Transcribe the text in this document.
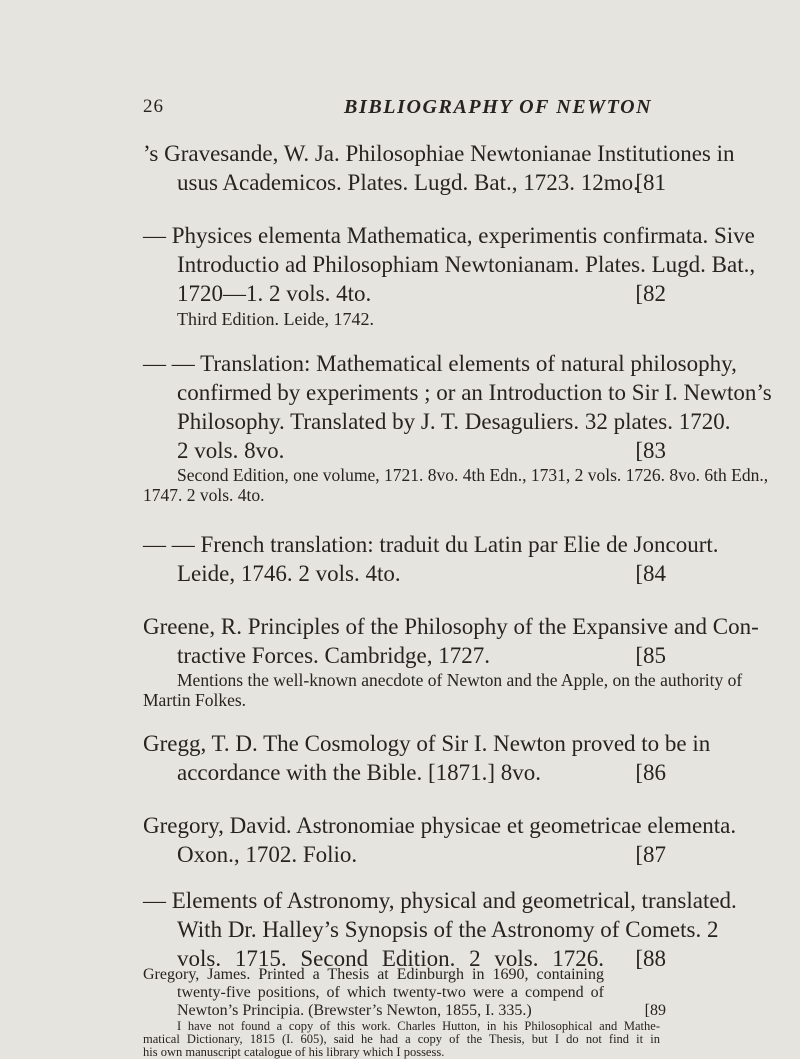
26	BIBLIOGRAPHY OF NEWTON
’s Gravesande, W. Ja. Philosophiae Newtonianae Institutiones in
usus Academicos. Plates. Lugd. Bat., 1723. 12mo.
[81
— Physices elementa Mathematica, experimentis confirmata. Sive
Introductio ad Philosophiam Newtonianam. Plates. Lugd. Bat.,
1720—1. 2 vols. 4to.	[82
Third Edition. Leide, 1742.
— — Translation: Mathematical elements of natural philosophy,
confirmed by experiments ; or an Introduction to Sir I. Newton’s
Philosophy. Translated by J. T. Desaguliers. 32 plates. 1720.
2 vols. 8vo.	[83
Second Edition, one volume, 1721. 8vo. 4th Edn., 1731, 2 vols. 1726. 8vo. 6th Edn.,
1747. 2 vols. 4to.
— — French translation: traduit du Latin par Elie de Joncourt.
Leide, 1746. 2 vols. 4to.	[84
Greene, R. Principles of the Philosophy of the Expansive and Con-
tractive Forces. Cambridge, 1727.	[85
Mentions the well-known anecdote of Newton and the Apple, on the authority of
Martin Folkes.
Gregg, T. D. The Cosmology of Sir I. Newton proved to be in
accordance with the Bible. [1871.] 8vo.	[86
Gregory, David. Astronomiae physicae et geometricae elementa.
Oxon., 1702. Folio.	[87
— Elements of Astronomy, physical and geometrical, translated.
With Dr. Halley’s Synopsis of the Astronomy of Comets. 2
vols. 1715. Second Edition. 2 vols. 1726.	[88
Gregory, James. Printed a Thesis at Edinburgh in 1690, containing
twenty-five positions, of which twenty-two were a compend of
Newton’s Principia. (Brewster’s Newton, 1855, I. 335.)	[89
I have not found a copy of this work. Charles Hutton, in his Philosophical and Mathe-
matical Dictionary, 1815 (I. 605), said he had a copy of the Thesis, but I do not find it in
his own manuscript catalogue of his library which I possess.
